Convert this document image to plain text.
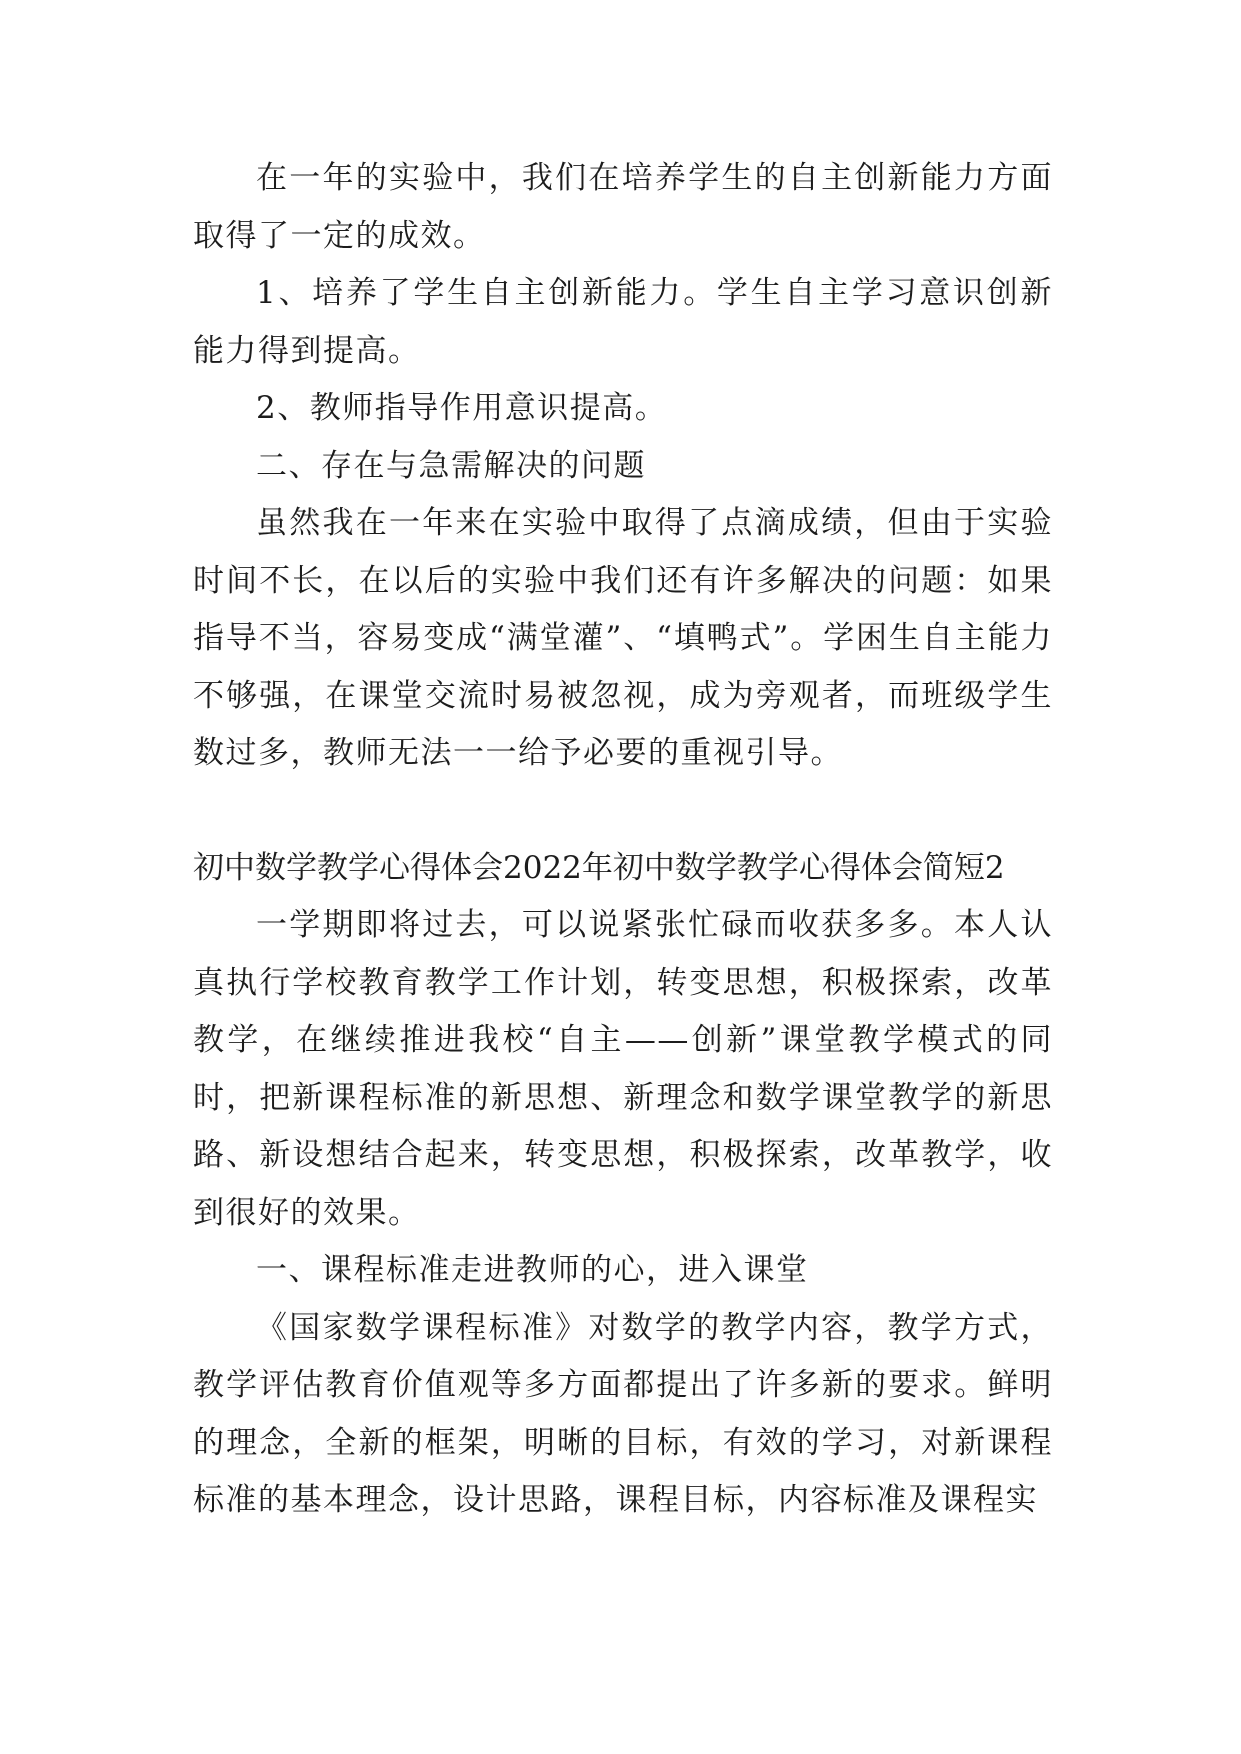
在一年的实验中，我们在培养学生的自主创新能力方面取得了一定的成效。

1、培养了学生自主创新能力。学生自主学习意识创新能力得到提高。

2、教师指导作用意识提高。

二、存在与急需解决的问题

虽然我在一年来在实验中取得了点滴成绩，但由于实验时间不长，在以后的实验中我们还有许多解决的问题：如果指导不当，容易变成“满堂灌”、“填鸭式”。学困生自主能力不够强，在课堂交流时易被忽视，成为旁观者，而班级学生数过多，教师无法一一给予必要的重视引导。

初中数学教学心得体会2022年初中数学教学心得体会简短2

一学期即将过去，可以说紧张忙碌而收获多多。本人认真执行学校教育教学工作计划，转变思想，积极探索，改革教学，在继续推进我校“自主——创新”课堂教学模式的同时，把新课程标准的新思想、新理念和数学课堂教学的新思路、新设想结合起来，转变思想，积极探索，改革教学，收到很好的效果。

一、课程标准走进教师的心，进入课堂

《国家数学课程标准》对数学的教学内容，教学方式，教学评估教育价值观等多方面都提出了许多新的要求。鲜明的理念，全新的框架，明晰的目标，有效的学习，对新课程标准的基本理念，设计思路，课程目标，内容标准及课程实
